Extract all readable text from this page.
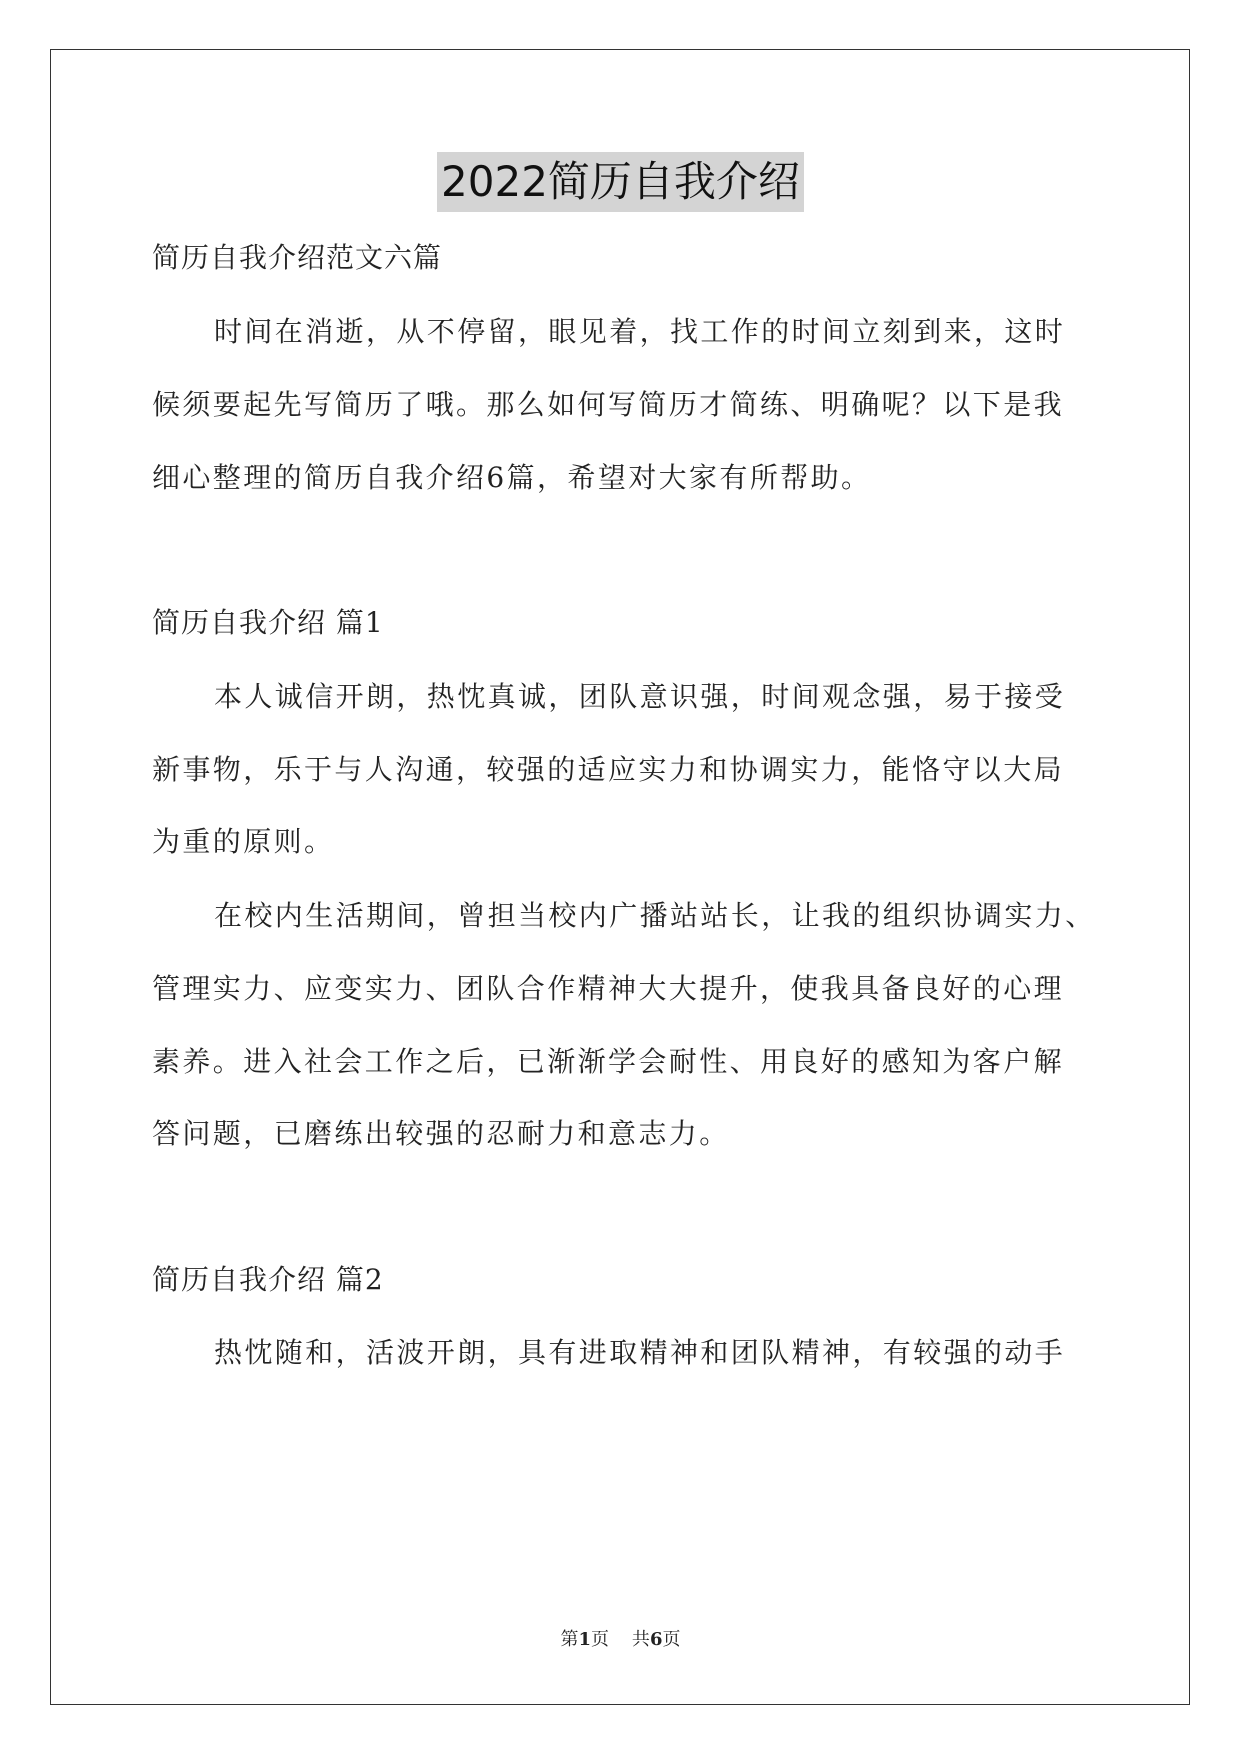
2022简历自我介绍
简历自我介绍范文六篇
时间在消逝，从不停留，眼见着，找工作的时间立刻到来，这时
候须要起先写简历了哦。那么如何写简历才简练、明确呢？以下是我
细心整理的简历自我介绍6篇，希望对大家有所帮助。
简历自我介绍 篇1
本人诚信开朗，热忱真诚，团队意识强，时间观念强，易于接受
新事物，乐于与人沟通，较强的适应实力和协调实力，能恪守以大局
为重的原则。
在校内生活期间，曾担当校内广播站站长，让我的组织协调实力、
管理实力、应变实力、团队合作精神大大提升，使我具备良好的心理
素养。进入社会工作之后，已渐渐学会耐性、用良好的感知为客户解
答问题，已磨练出较强的忍耐力和意志力。
简历自我介绍 篇2
热忱随和，活波开朗，具有进取精神和团队精神，有较强的动手
第1页    共6页
